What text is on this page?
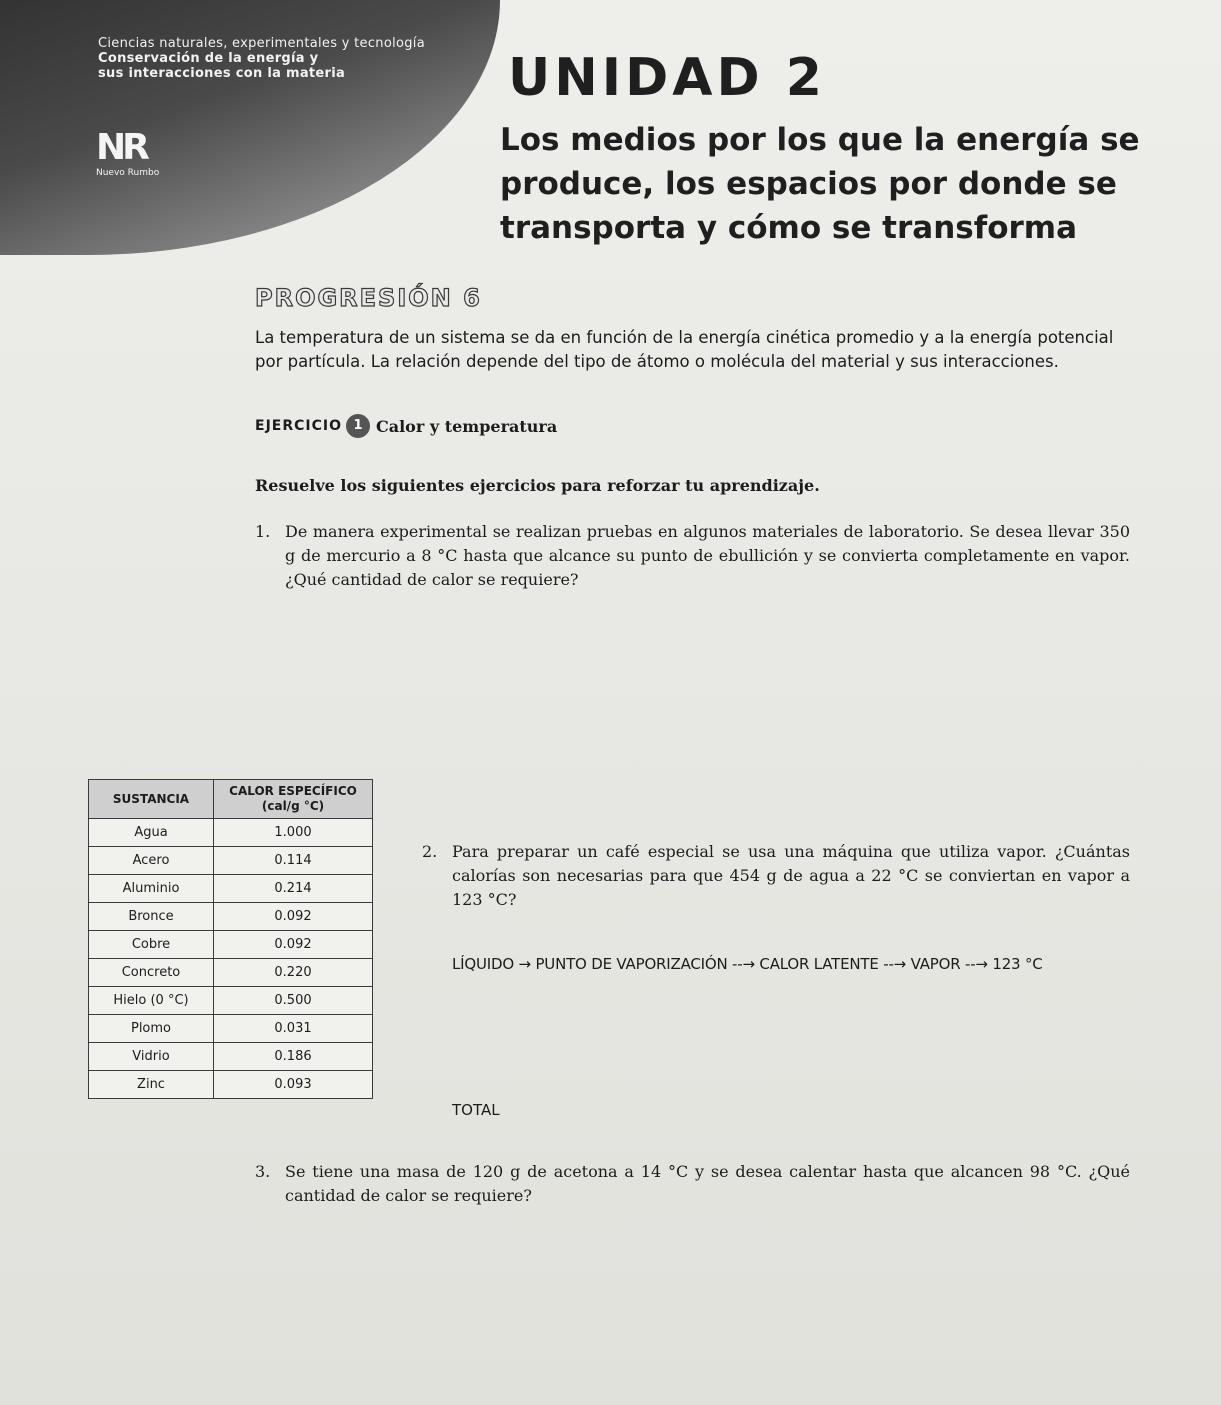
Ciencias naturales, experimentales y tecnología
Conservación de la energía y
sus interacciones con la materia
NR
Nuevo Rumbo
UNIDAD 2
Los medios por los que la energía se produce, los espacios por donde se transporta y cómo se transforma
PROGRESIÓN 6
La temperatura de un sistema se da en función de la energía cinética promedio y a la energía potencial por partícula. La relación depende del tipo de átomo o molécula del material y sus interacciones.
EJERCICIO 1 Calor y temperatura
Resuelve los siguientes ejercicios para reforzar tu aprendizaje.
1. De manera experimental se realizan pruebas en algunos materiales de laboratorio. Se desea llevar 350 g de mercurio a 8 °C hasta que alcance su punto de ebullición y se convierta completamente en vapor. ¿Qué cantidad de calor se requiere?
SUSTANCIA	CALOR ESPECÍFICO (cal/g °C)
Agua	1.000
Acero	0.114
Aluminio	0.214
Bronce	0.092
Cobre	0.092
Concreto	0.220
Hielo (0 °C)	0.500
Plomo	0.031
Vidrio	0.186
Zinc	0.093
2. Para preparar un café especial se usa una máquina que utiliza vapor. ¿Cuántas calorías son necesarias para que 454 g de agua a 22 °C se conviertan en vapor a 123 °C?
LÍQUIDO → PUNTO DE VAPORIZACIÓN --→ CALOR LATENTE --→ VAPOR --→ 123 °C
TOTAL
3. Se tiene una masa de 120 g de acetona a 14 °C y se desea calentar hasta que alcancen 98 °C. ¿Qué cantidad de calor se requiere?
